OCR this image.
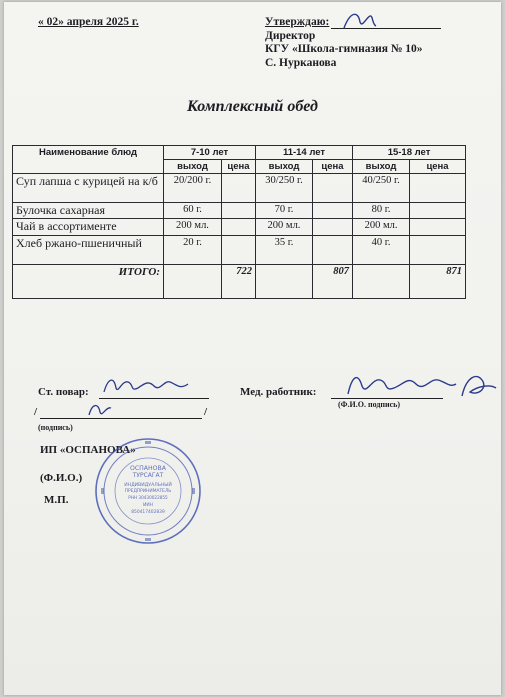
« 02» апреля 2025 г.	Утверждаю:
Директор
КГУ «Школа-гимназия № 10»
С. Нурканова
Комплексный обед
Наименование блюд	7-10 лет		11-14 лет		15-18 лет	
	выход	цена	выход	цена	выход	цена
Суп лапша с курицей на к/б	20/200 г.		30/250 г.		40/250 г.	
Булочка сахарная	60 г.		70 г.		80 г.	
Чай в ассортименте	200 мл.		200 мл.		200 мл.	
Хлеб ржано-пшеничный	20 г.		35 г.		40 г.	
ИТОГО:		722		807		871
Ст. повар:
/	/
(подпись)
Мед. работник:
(Ф.И.О. подпись)
ИП «ОСПАНОВА»
(Ф.И.О.)
М.П.
ОСПАНОВА
ТУРСАГАТ
ИНДИВИДУАЛЬНЫЙ
ПРЕДПРИНИМАТЕЛЬ
РНН 30430022855
ИИН
850417402839
